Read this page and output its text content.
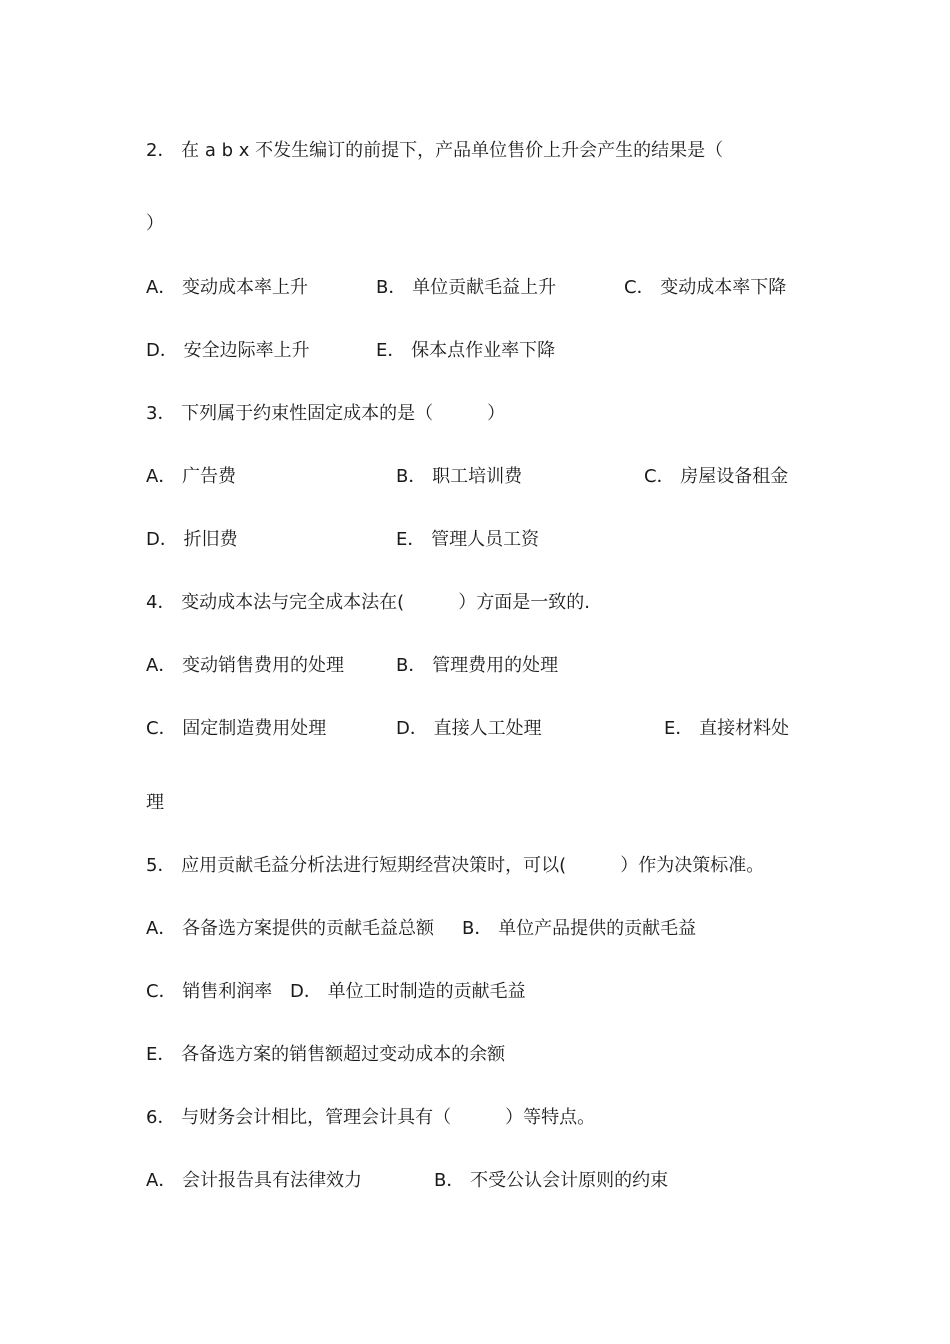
2． 在 a b x 不发生编订的前提下，产品单位售价上升会产生的结果是（
）

A． 变动成本率上升

	B． 单位贡献毛益上升

	C． 变动成本率下降

D． 安全边际率上升

	E． 保本点作业率下降

3． 下列属于约束性固定成本的是（　　　）

A． 广告费

	B． 职工培训费

	C． 房屋设备租金

D． 折旧费

	E． 管理人员工资

4． 变动成本法与完全成本法在(　　　）方面是一致的.

A． 变动销售费用的处理

	B． 管理费用的处理

C． 固定制造费用处理

	D． 直接人工处理

	E． 直接材料处

理
5． 应用贡献毛益分析法进行短期经营决策时，可以(　　　）作为决策标准。

A． 各备选方案提供的贡献毛益总额

B． 单位产品提供的贡献毛益

C． 销售利润率

D． 单位工时制造的贡献毛益

E． 各备选方案的销售额超过变动成本的余额
6． 与财务会计相比，管理会计具有（　　　）等特点。

A． 会计报告具有法律效力

	B． 不受公认会计原则的约束
